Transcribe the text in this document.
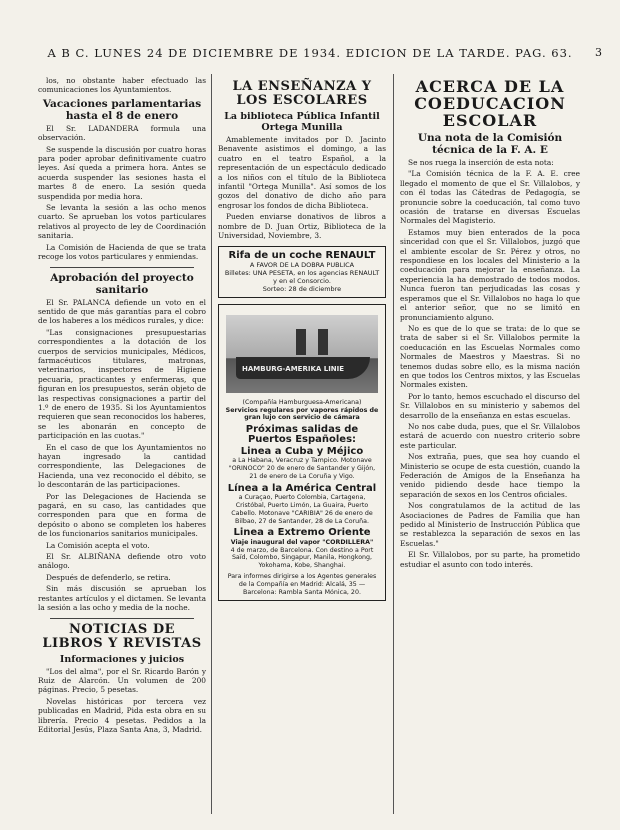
A B C. LUNES 24 DE DICIEMBRE DE 1934. EDICION DE LA TARDE. PAG. 63.	3

los, no obstante haber efectuado las comunicaciones los Ayuntamientos.

Vacaciones parlamentarias hasta el 8 de enero

El Sr. LADANDERA formula una observación.

Se suspende la discusión por cuatro horas para poder aprobar definitivamente cuatro leyes. Así queda a primera hora. Antes se acuerda suspender las sesiones hasta el martes 8 de enero. La sesión queda suspendida por media hora.

Se levanta la sesión a las ocho menos cuarto. Se aprueban los votos particulares relativos al proyecto de ley de Coordinación sanitaria.

La Comisión de Hacienda de que se trata recoge los votos particulares y enmiendas.

Aprobación del proyecto sanitario

El Sr. PALANCA defiende un voto en el sentido de que más garantías para el cobro de los haberes a los médicos rurales, y dice:

"Las consignaciones presupuestarias correspondientes a la dotación de los cuerpos de servicios municipales, Médicos, farmacéuticos titulares, matronas, veterinarios, inspectores de Higiene pecuaria, practicantes y enfermeras, que figuran en los presupuestos, serán objeto de las respectivas consignaciones a partir del 1.º de enero de 1935. Si los Ayuntamientos requieren que sean reconocidos los haberes, se les abonarán en concepto de participación en las cuotas."

En el caso de que los Ayuntamientos no hayan ingresado la cantidad correspondiente, las Delegaciones de Hacienda, una vez reconocido el débito, se lo descontarán de las participaciones.

Por las Delegaciones de Hacienda se pagará, en su caso, las cantidades que corresponden para que en forma de depósito o abono se completen los haberes de los funcionarios sanitarios municipales.

La Comisión acepta el voto.

El Sr. ALBIÑANA defiende otro voto análogo.

Después de defenderlo, se retira.

Sin más discusión se aprueban los restantes artículos y el dictamen. Se levanta la sesión a las ocho y media de la noche.

NOTICIAS DE LIBROS Y REVISTAS
Informaciones y juicios

"Los del alma", por el Sr. Ricardo Barón y Ruiz de Alarcón. Un volumen de 200 páginas. Precio, 5 pesetas.

Novelas históricas por tercera vez publicadas en Madrid, Pida esta obra en su librería. Precio 4 pesetas. Pedidos a la Editorial Jesús, Plaza Santa Ana, 3, Madrid.

LA ENSEÑANZA Y LOS ESCOLARES
La biblioteca Pública Infantil Ortega Munilla

Amablemente invitados por D. Jacinto Benavente asistimos el domingo, a las cuatro en el teatro Español, a la representación de un espectáculo dedicado a los niños con el título de la Biblioteca infantil "Ortega Munilla". Así somos de los gozos del donativo de dicho año para engrosar los fondos de dicha Biblioteca.

Pueden enviarse donativos de libros a nombre de D. Juan Ortiz, Biblioteca de la Universidad, Noviembre, 3.

Rifa de un coche RENAULT
A FAVOR DE LA DOBRA PUBLICA
Billetes: UNA PESETA, en los agencias RENAULT y en el Consorcio.
Sorteo: 28 de diciembre
HAMBURG-AMERIKA LINIE
(Compañía Hamburguesa-Americana)
Servicios regulares por vapores rápidos de gran lujo con servicio de cámara
Próximas salidas de Puertos Españoles:
Linea a Cuba y Méjico
a La Habana, Veracruz y Tampico. Motonave "ORINOCO" 20 de enero de Santander y Gijón, 21 de enero de La Coruña y Vigo.
Línea a la América Central
a Curaçao, Puerto Colombia, Cartagena, Cristóbal, Puerto Limón, La Guaira, Puerto Cabello. Motonave "CARIBIA" 26 de enero de Bilbao, 27 de Santander, 28 de La Coruña.
Linea a Extremo Oriente
Viaje inaugural del vapor "CORDILLERA"
4 de marzo, de Barcelona. Con destino a Port Saïd, Colombo, Singapur, Manila, Hongkong, Yokohama, Kobe, Shanghai.
Para informes dirigirse a los Agentes generales de la Compañía en Madrid: Alcalá, 35 — Barcelona: Rambla Santa Mónica, 20.
ACERCA DE LA COEDUCACION ESCOLAR
Una nota de la Comisión técnica de la F. A. E

Se nos ruega la inserción de esta nota:

"La Comisión técnica de la F. A. E. cree llegado el momento de que el Sr. Villalobos, y con él todas las Cátedras de Pedagogía, se pronuncie sobre la coeducación, tal como tuvo ocasión de tratarse en diversas Escuelas Normales del Magisterio.

Estamos muy bien enterados de la poca sinceridad con que el Sr. Villalobos, juzgó que el ambiente escolar de Sr. Pérez y otros, no respondiese en los locales del Ministerio a la coeducación para mejorar la enseñanza. La experiencia la ha demostrado de todos modos. Nunca fueron tan perjudicadas las cosas y esperamos que el Sr. Villalobos no haga lo que el anterior señor, que no se limitó en pronunciamiento alguno.

No es que de lo que se trata: de lo que se trata de saber si el Sr. Villalobos permite la coeducación en las Escuelas Normales como Normales de Maestros y Maestras. Si no tenemos dudas sobre ello, es la misma nación en que todos los Centros mixtos, y las Escuelas Normales existen.

Por lo tanto, hemos escuchado el discurso del Sr. Villalobos en su ministerio y sabemos del desarrollo de la enseñanza en estas escuelas.

No nos cabe duda, pues, que el Sr. Villalobos estará de acuerdo con nuestro criterio sobre este particular.

Nos extraña, pues, que sea hoy cuando el Ministerio se ocupe de esta cuestión, cuando la Federación de Amigos de la Enseñanza ha venido pidiendo desde hace tiempo la separación de sexos en los Centros oficiales.

Nos congratulamos de la actitud de las Asociaciones de Padres de Familia que han pedido al Ministerio de Instrucción Pública que se restablezca la separación de sexos en las Escuelas."

El Sr. Villalobos, por su parte, ha prometido estudiar el asunto con todo interés.
